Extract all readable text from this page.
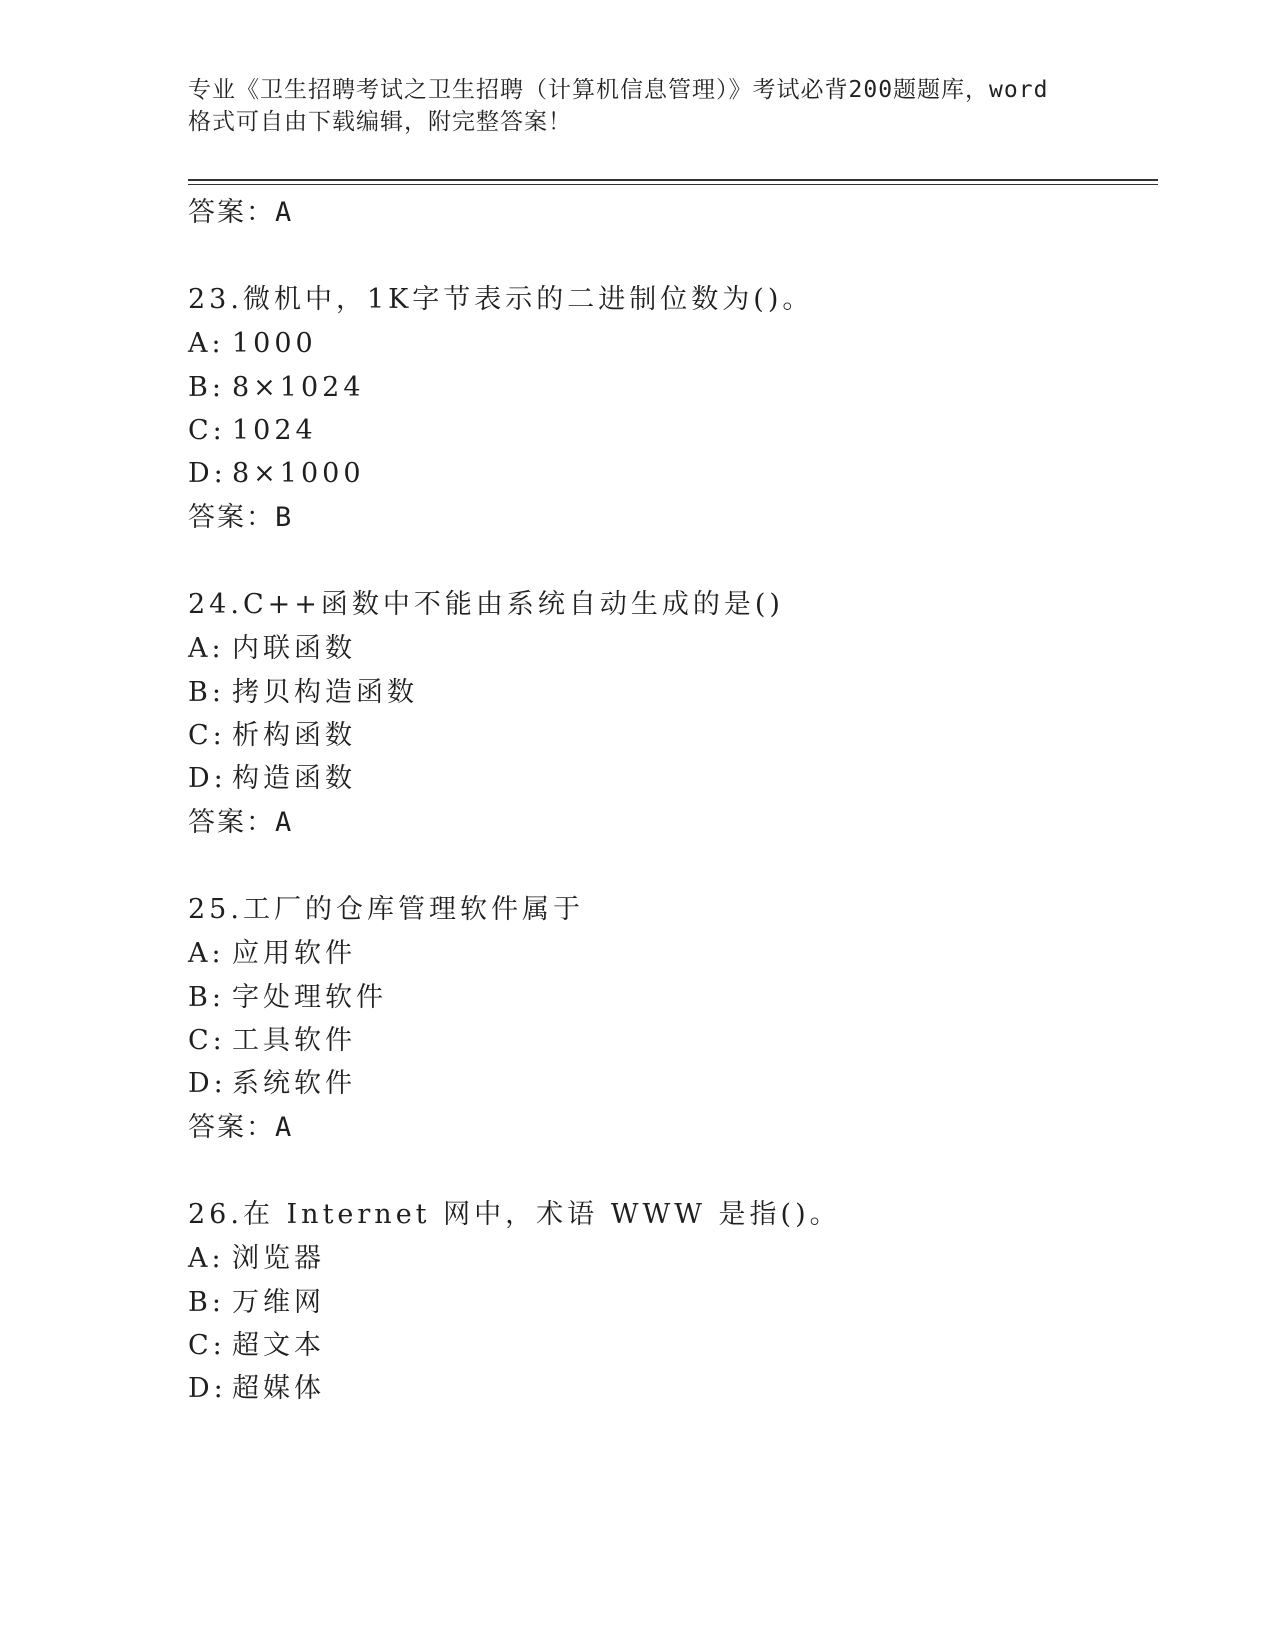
专业《卫生招聘考试之卫生招聘（计算机信息管理）》考试必背200题题库，word
格式可自由下载编辑，附完整答案！
答案：A
23.微机中，1K字节表示的二进制位数为()。
A: 1000
B: 8×1024
C: 1024
D: 8×1000
答案：B
24.C++函数中不能由系统自动生成的是()
A: 内联函数
B: 拷贝构造函数
C: 析构函数
D: 构造函数
答案：A
25.工厂的仓库管理软件属于
A: 应用软件
B: 字处理软件
C: 工具软件
D: 系统软件
答案：A
26.在 Internet 网中，术语 WWW 是指()。
A: 浏览器
B: 万维网
C: 超文本
D: 超媒体
